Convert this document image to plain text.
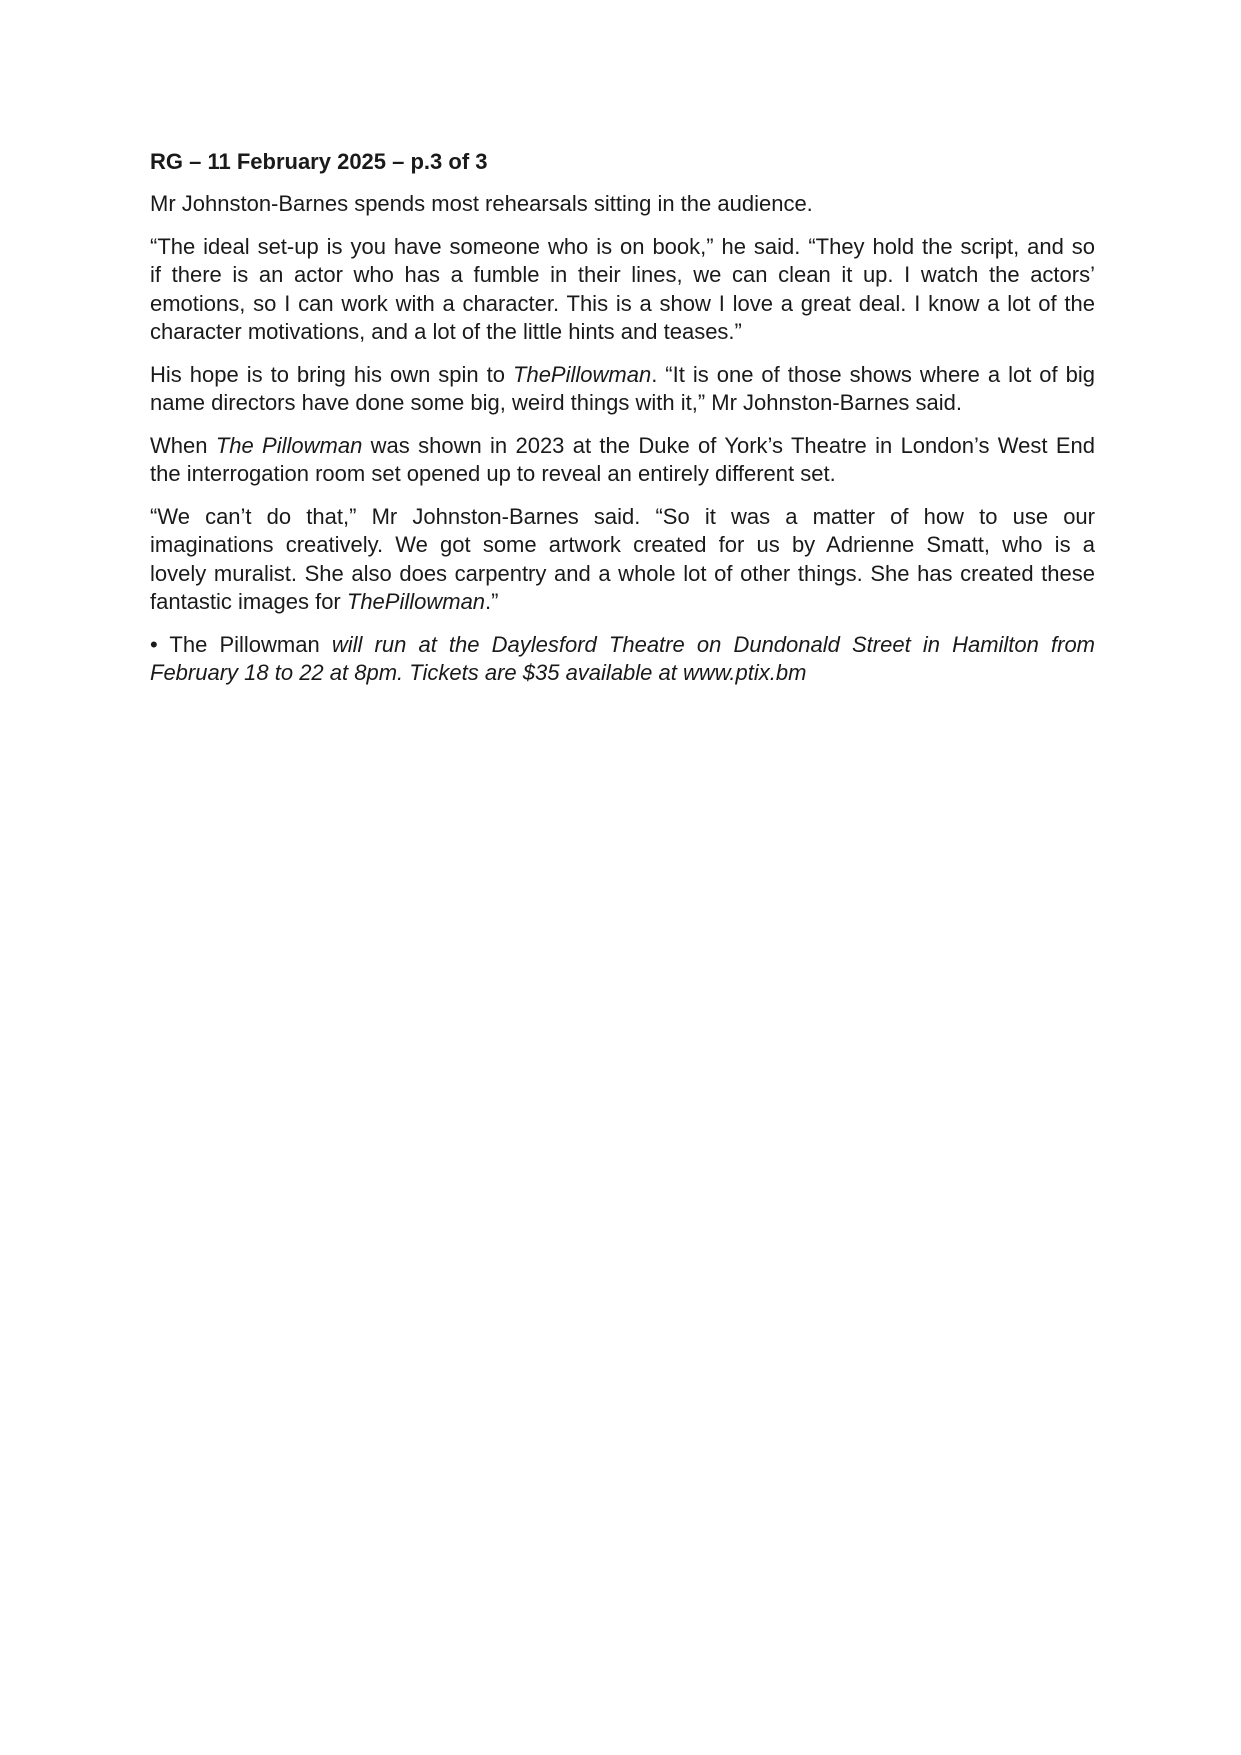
RG – 11 February 2025 – p.3 of 3
Mr Johnston-Barnes spends most rehearsals sitting in the audience.
“The ideal set-up is you have someone who is on book,” he said. “They hold the script, and so
if there is an actor who has a fumble in their lines, we can clean it up. I watch the actors’
emotions, so I can work with a character. This is a show I love a great deal. I know a lot of the
character motivations, and a lot of the little hints and teases.”
His hope is to bring his own spin to ThePillowman. “It is one of those shows where a lot of big
name directors have done some big, weird things with it,” Mr Johnston-Barnes said.
When The Pillowman was shown in 2023 at the Duke of York’s Theatre in London’s West End
the interrogation room set opened up to reveal an entirely different set.
“We can’t do that,” Mr Johnston-Barnes said. “So it was a matter of how to use our
imaginations creatively. We got some artwork created for us by Adrienne Smatt, who is a
lovely muralist. She also does carpentry and a whole lot of other things. She has created these
fantastic images for ThePillowman.”
• The Pillowman will run at the Daylesford Theatre on Dundonald Street in Hamilton from
February 18 to 22 at 8pm. Tickets are $35 available at www.ptix.bm
